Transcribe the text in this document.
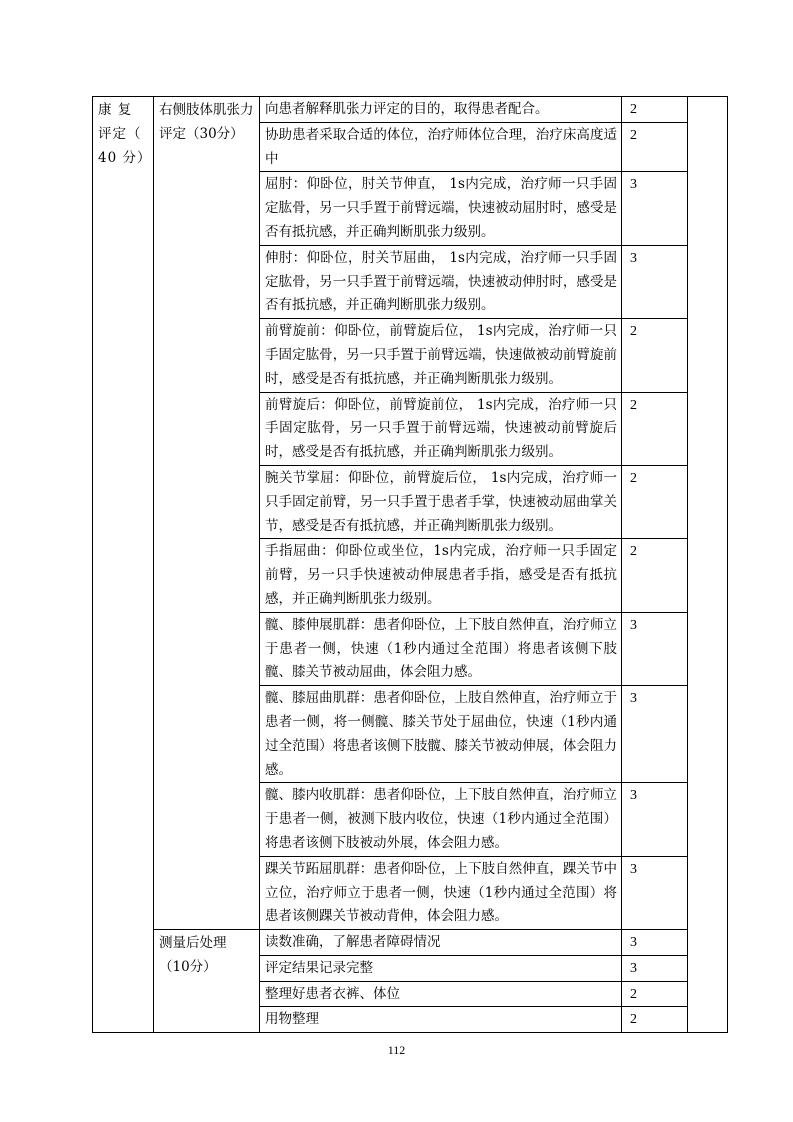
康 复 评定（ 40 分）	右侧肢体肌张力评定（30分）	向患者解释肌张力评定的目的，取得患者配合。	2	
		协助患者采取合适的体位，治疗师体位合理，治疗床高度适中	2	
		屈肘：仰卧位，肘关节伸直， 1s内完成，治疗师一只手固定肱骨，另一只手置于前臂远端，快速被动屈肘时，感受是否有抵抗感，并正确判断肌张力级别。	3	
		伸肘：仰卧位，肘关节屈曲， 1s内完成，治疗师一只手固定肱骨，另一只手置于前臂远端，快速被动伸肘时，感受是否有抵抗感，并正确判断肌张力级别。	3	
		前臂旋前：仰卧位，前臂旋后位， 1s内完成，治疗师一只手固定肱骨，另一只手置于前臂远端，快速做被动前臂旋前时，感受是否有抵抗感，并正确判断肌张力级别。	2	
		前臂旋后：仰卧位，前臂旋前位， 1s内完成，治疗师一只手固定肱骨，另一只手置于前臂远端，快速被动前臂旋后时，感受是否有抵抗感，并正确判断肌张力级别。	2	
		腕关节掌屈：仰卧位，前臂旋后位， 1s内完成，治疗师一只手固定前臂，另一只手置于患者手掌，快速被动屈曲掌关节，感受是否有抵抗感，并正确判断肌张力级别。	2	
		手指屈曲：仰卧位或坐位，1s内完成，治疗师一只手固定前臂，另一只手快速被动伸展患者手指，感受是否有抵抗感，并正确判断肌张力级别。	2	
		髋、膝伸展肌群：患者仰卧位，上下肢自然伸直，治疗师立于患者一侧，快速（1秒内通过全范围）将患者该侧下肢髋、膝关节被动屈曲，体会阻力感。	3	
		髋、膝屈曲肌群：患者仰卧位，上肢自然伸直，治疗师立于患者一侧，将一侧髋、膝关节处于屈曲位，快速（1秒内通过全范围）将患者该侧下肢髋、膝关节被动伸展，体会阻力感。	3	
		髋、膝内收肌群：患者仰卧位，上下肢自然伸直，治疗师立于患者一侧，被测下肢内收位，快速（1秒内通过全范围）将患者该侧下肢被动外展，体会阻力感。	3	
		踝关节跖屈肌群：患者仰卧位，上下肢自然伸直，踝关节中立位，治疗师立于患者一侧，快速（1秒内通过全范围）将患者该侧踝关节被动背伸，体会阻力感。	3	

	测量后处理（10分）	读数准确，了解患者障碍情况	3	
		评定结果记录完整	3	
		整理好患者衣裤、体位	2	
		用物整理	2	
112
